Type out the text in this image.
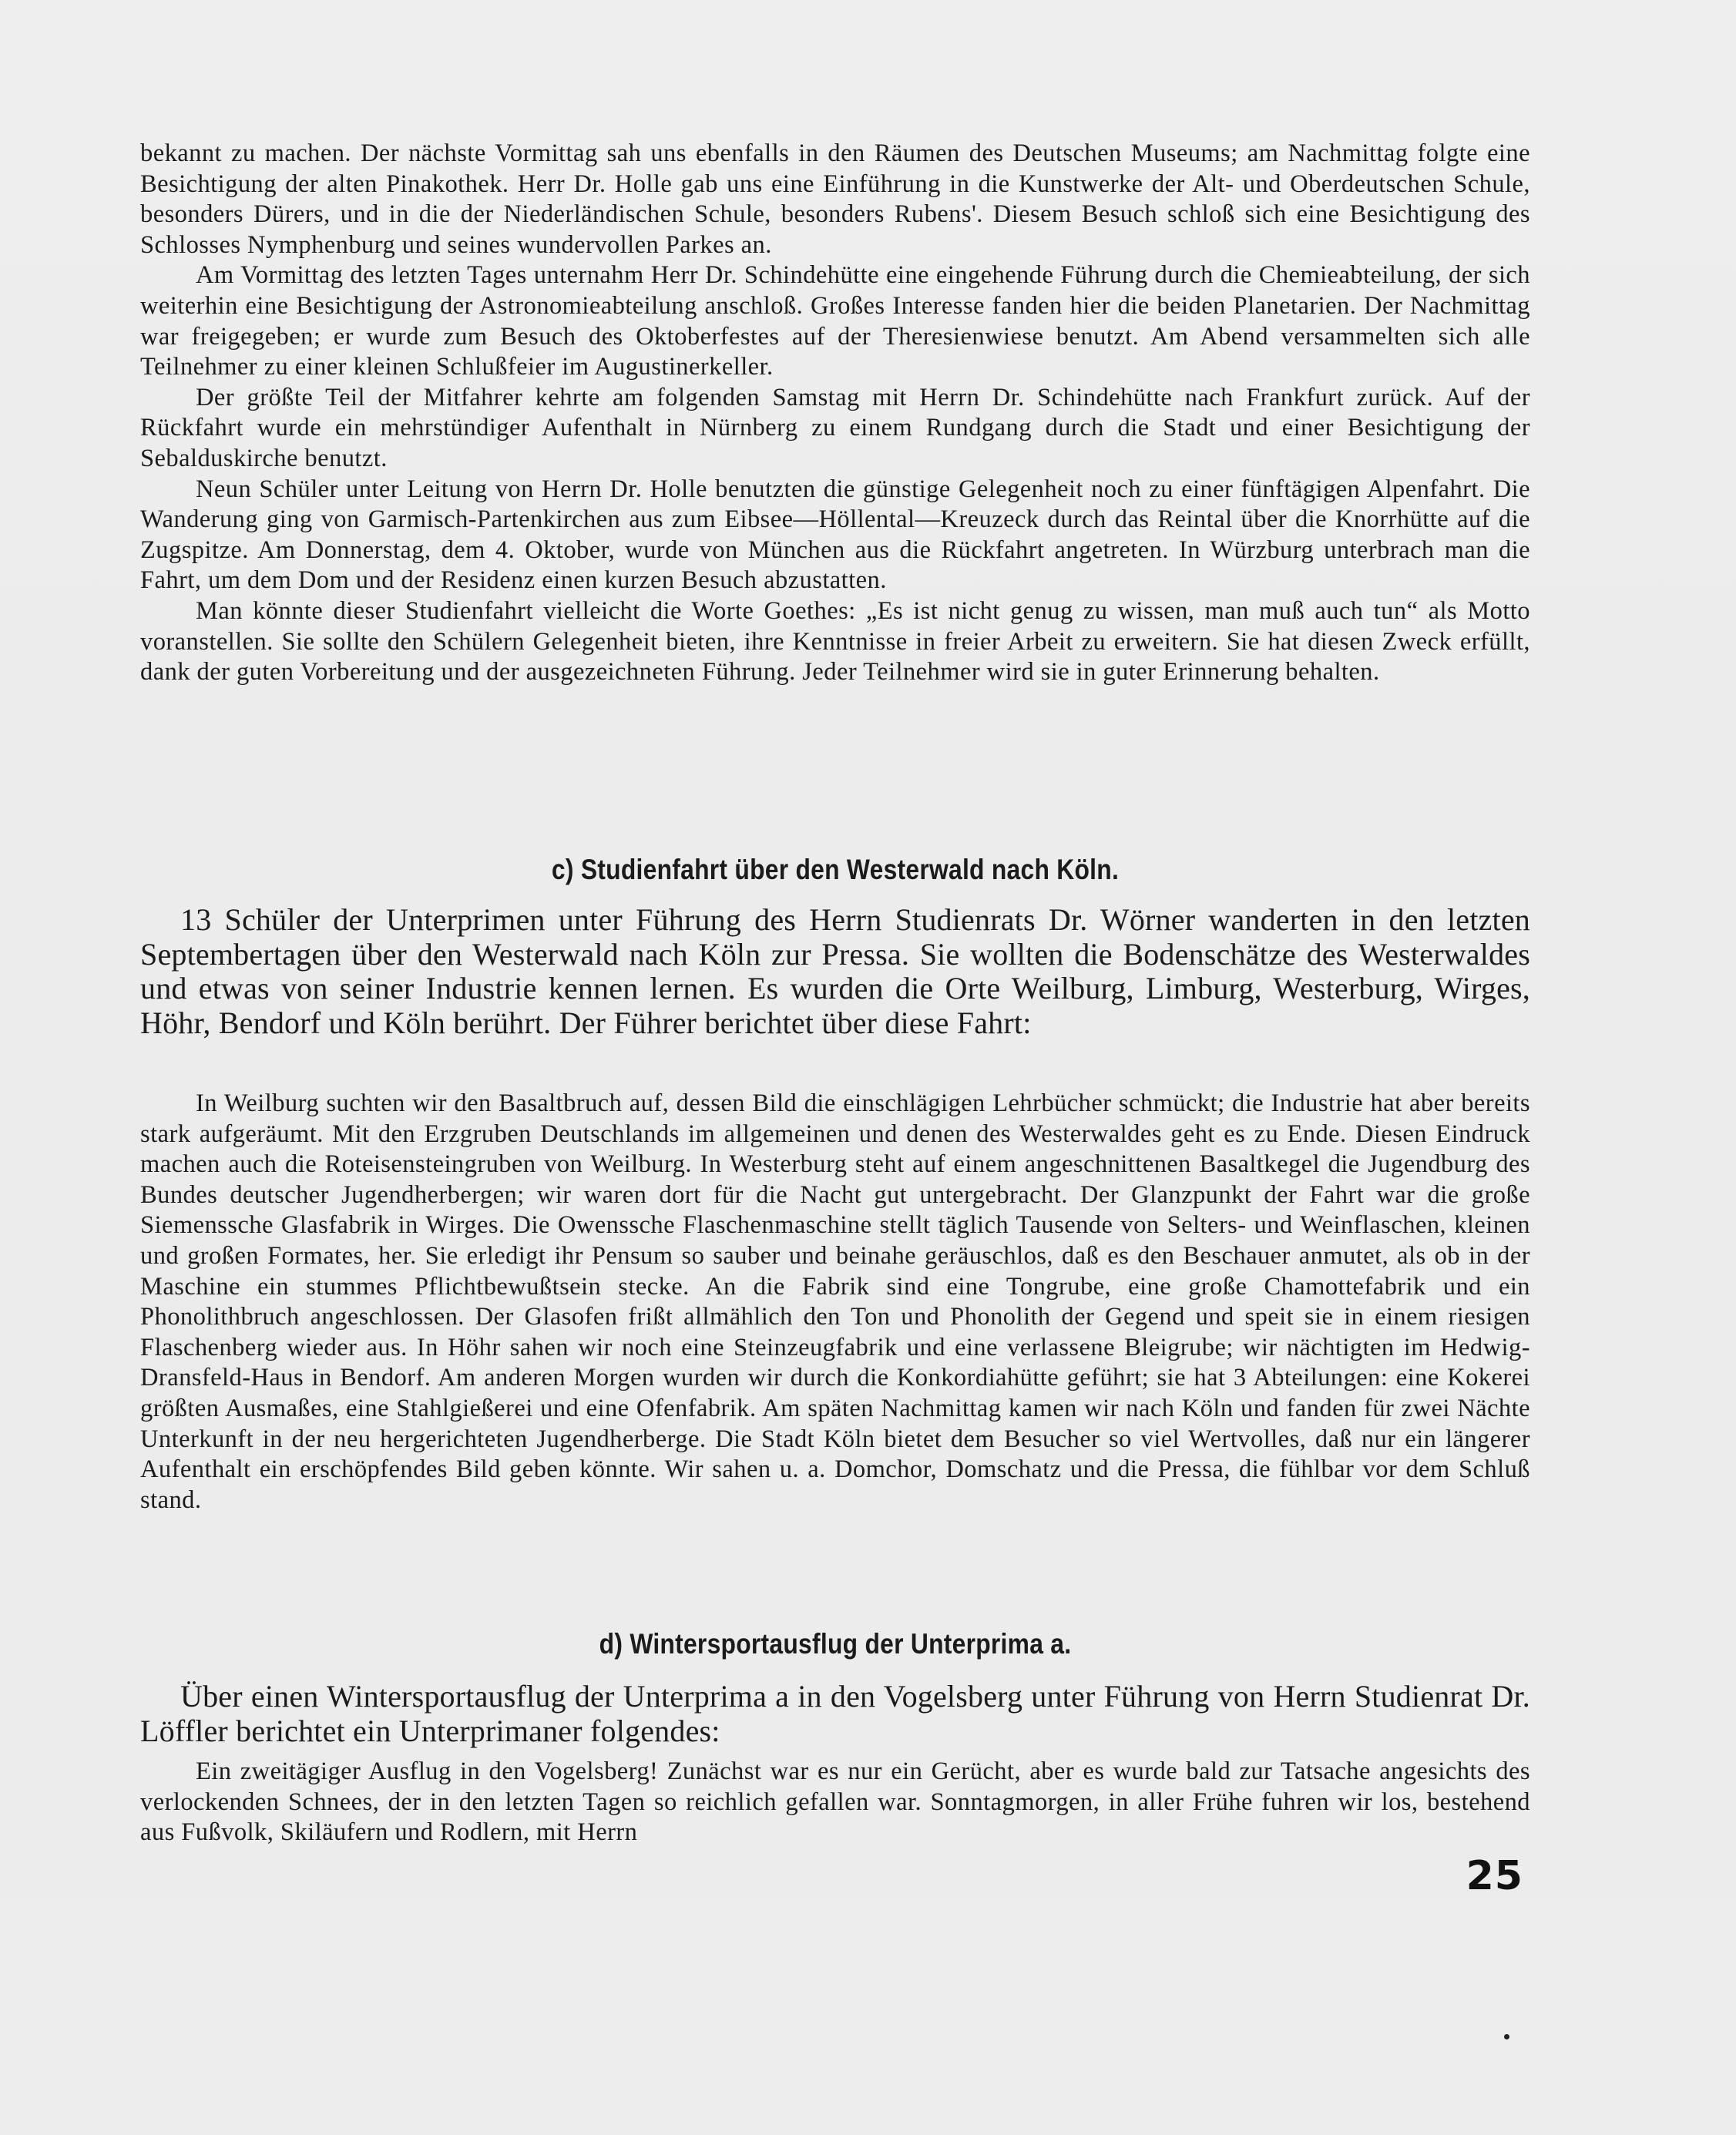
bekannt zu machen. Der nächste Vormittag sah uns ebenfalls in den Räumen des Deutschen Museums; am Nachmittag folgte eine Besichtigung der alten Pinakothek. Herr Dr. Holle gab uns eine Einführung in die Kunstwerke der Alt- und Oberdeutschen Schule, besonders Dürers, und in die der Niederländischen Schule, besonders Rubens'. Diesem Besuch schloß sich eine Besichtigung des Schlosses Nymphenburg und seines wundervollen Parkes an.

Am Vormittag des letzten Tages unternahm Herr Dr. Schindehütte eine eingehende Führung durch die Chemieabteilung, der sich weiterhin eine Besichtigung der Astronomieabteilung anschloß. Großes Interesse fanden hier die beiden Planetarien. Der Nachmittag war freigegeben; er wurde zum Besuch des Oktoberfestes auf der Theresienwiese benutzt. Am Abend versammelten sich alle Teilnehmer zu einer kleinen Schlußfeier im Augustinerkeller.

Der größte Teil der Mitfahrer kehrte am folgenden Samstag mit Herrn Dr. Schindehütte nach Frankfurt zurück. Auf der Rückfahrt wurde ein mehrstündiger Aufenthalt in Nürnberg zu einem Rundgang durch die Stadt und einer Besichtigung der Sebalduskirche benutzt.

Neun Schüler unter Leitung von Herrn Dr. Holle benutzten die günstige Gelegenheit noch zu einer fünftägigen Alpenfahrt. Die Wanderung ging von Garmisch-Partenkirchen aus zum Eibsee—Höllental—Kreuzeck durch das Reintal über die Knorrhütte auf die Zugspitze. Am Donnerstag, dem 4. Oktober, wurde von München aus die Rückfahrt angetreten. In Würzburg unterbrach man die Fahrt, um dem Dom und der Residenz einen kurzen Besuch abzustatten.

Man könnte dieser Studienfahrt vielleicht die Worte Goethes: „Es ist nicht genug zu wissen, man muß auch tun“ als Motto voranstellen. Sie sollte den Schülern Gelegenheit bieten, ihre Kenntnisse in freier Arbeit zu erweitern. Sie hat diesen Zweck erfüllt, dank der guten Vorbereitung und der ausgezeichneten Führung. Jeder Teilnehmer wird sie in guter Erinnerung behalten.

c) Studienfahrt über den Westerwald nach Köln.

13 Schüler der Unterprimen unter Führung des Herrn Studienrats Dr. Wörner wanderten in den letzten Septembertagen über den Westerwald nach Köln zur Pressa. Sie wollten die Bodenschätze des Westerwaldes und etwas von seiner Industrie kennen lernen. Es wurden die Orte Weilburg, Limburg, Westerburg, Wirges, Höhr, Bendorf und Köln berührt. Der Führer berichtet über diese Fahrt:

In Weilburg suchten wir den Basaltbruch auf, dessen Bild die einschlägigen Lehrbücher schmückt; die Industrie hat aber bereits stark aufgeräumt. Mit den Erzgruben Deutschlands im allgemeinen und denen des Westerwaldes geht es zu Ende. Diesen Eindruck machen auch die Roteisensteingruben von Weilburg. In Westerburg steht auf einem angeschnittenen Basaltkegel die Jugendburg des Bundes deutscher Jugendherbergen; wir waren dort für die Nacht gut untergebracht. Der Glanzpunkt der Fahrt war die große Siemenssche Glasfabrik in Wirges. Die Owenssche Flaschenmaschine stellt täglich Tausende von Selters- und Weinflaschen, kleinen und großen Formates, her. Sie erledigt ihr Pensum so sauber und beinahe geräuschlos, daß es den Beschauer anmutet, als ob in der Maschine ein stummes Pflichtbewußtsein stecke. An die Fabrik sind eine Tongrube, eine große Chamottefabrik und ein Phonolithbruch angeschlossen. Der Glasofen frißt allmählich den Ton und Phonolith der Gegend und speit sie in einem riesigen Flaschenberg wieder aus. In Höhr sahen wir noch eine Steinzeugfabrik und eine verlassene Bleigrube; wir nächtigten im Hedwig-Dransfeld-Haus in Bendorf. Am anderen Morgen wurden wir durch die Konkordiahütte geführt; sie hat 3 Abteilungen: eine Kokerei größten Ausmaßes, eine Stahlgießerei und eine Ofenfabrik. Am späten Nachmittag kamen wir nach Köln und fanden für zwei Nächte Unterkunft in der neu hergerichteten Jugendherberge. Die Stadt Köln bietet dem Besucher so viel Wertvolles, daß nur ein längerer Aufenthalt ein erschöpfendes Bild geben könnte. Wir sahen u. a. Domchor, Domschatz und die Pressa, die fühlbar vor dem Schluß stand.

d) Wintersportausflug der Unterprima a.

Über einen Wintersportausflug der Unterprima a in den Vogelsberg unter Führung von Herrn Studienrat Dr. Löffler berichtet ein Unterprimaner folgendes:

Ein zweitägiger Ausflug in den Vogelsberg! Zunächst war es nur ein Gerücht, aber es wurde bald zur Tatsache angesichts des verlockenden Schnees, der in den letzten Tagen so reichlich gefallen war. Sonntagmorgen, in aller Frühe fuhren wir los, bestehend aus Fußvolk, Skiläufern und Rodlern, mit Herrn

25
